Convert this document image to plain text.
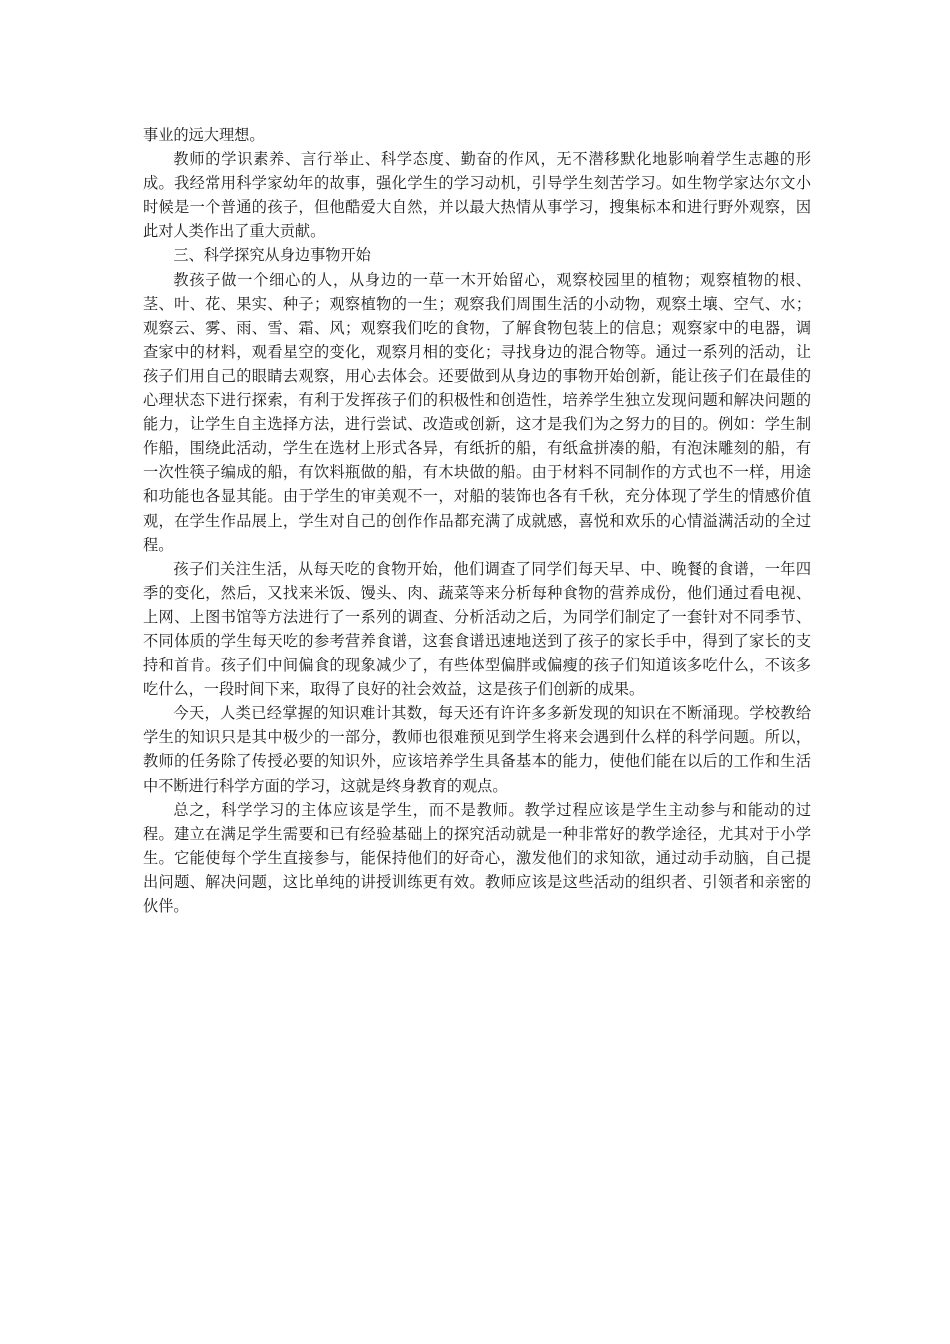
事业的远大理想。

教师的学识素养、言行举止、科学态度、勤奋的作风，无不潜移默化地影响着学生志趣的形成。我经常用科学家幼年的故事，强化学生的学习动机，引导学生刻苦学习。如生物学家达尔文小时候是一个普通的孩子，但他酷爱大自然，并以最大热情从事学习，搜集标本和进行野外观察，因此对人类作出了重大贡献。

三、科学探究从身边事物开始

教孩子做一个细心的人，从身边的一草一木开始留心，观察校园里的植物；观察植物的根、茎、叶、花、果实、种子；观察植物的一生；观察我们周围生活的小动物，观察土壤、空气、水；观察云、雾、雨、雪、霜、风；观察我们吃的食物，了解食物包装上的信息；观察家中的电器，调查家中的材料，观看星空的变化，观察月相的变化；寻找身边的混合物等。通过一系列的活动，让孩子们用自己的眼睛去观察，用心去体会。还要做到从身边的事物开始创新，能让孩子们在最佳的心理状态下进行探索，有利于发挥孩子们的积极性和创造性，培养学生独立发现问题和解决问题的能力，让学生自主选择方法，进行尝试、改造或创新，这才是我们为之努力的目的。例如：学生制作船，围绕此活动，学生在选材上形式各异，有纸折的船，有纸盒拼凑的船，有泡沫雕刻的船，有一次性筷子编成的船，有饮料瓶做的船，有木块做的船。由于材料不同制作的方式也不一样，用途和功能也各显其能。由于学生的审美观不一，对船的装饰也各有千秋，充分体现了学生的情感价值观，在学生作品展上，学生对自己的创作作品都充满了成就感，喜悦和欢乐的心情溢满活动的全过程。

孩子们关注生活，从每天吃的食物开始，他们调查了同学们每天早、中、晚餐的食谱，一年四季的变化，然后，又找来米饭、馒头、肉、蔬菜等来分析每种食物的营养成份，他们通过看电视、上网、上图书馆等方法进行了一系列的调查、分析活动之后，为同学们制定了一套针对不同季节、不同体质的学生每天吃的参考营养食谱，这套食谱迅速地送到了孩子的家长手中，得到了家长的支持和首肯。孩子们中间偏食的现象减少了，有些体型偏胖或偏瘦的孩子们知道该多吃什么，不该多吃什么，一段时间下来，取得了良好的社会效益，这是孩子们创新的成果。

今天，人类已经掌握的知识难计其数，每天还有许许多多新发现的知识在不断涌现。学校教给学生的知识只是其中极少的一部分，教师也很难预见到学生将来会遇到什么样的科学问题。所以，教师的任务除了传授必要的知识外，应该培养学生具备基本的能力，使他们能在以后的工作和生活中不断进行科学方面的学习，这就是终身教育的观点。

总之，科学学习的主体应该是学生，而不是教师。教学过程应该是学生主动参与和能动的过程。建立在满足学生需要和已有经验基础上的探究活动就是一种非常好的教学途径，尤其对于小学生。它能使每个学生直接参与，能保持他们的好奇心，激发他们的求知欲，通过动手动脑，自己提出问题、解决问题，这比单纯的讲授训练更有效。教师应该是这些活动的组织者、引领者和亲密的伙伴。
